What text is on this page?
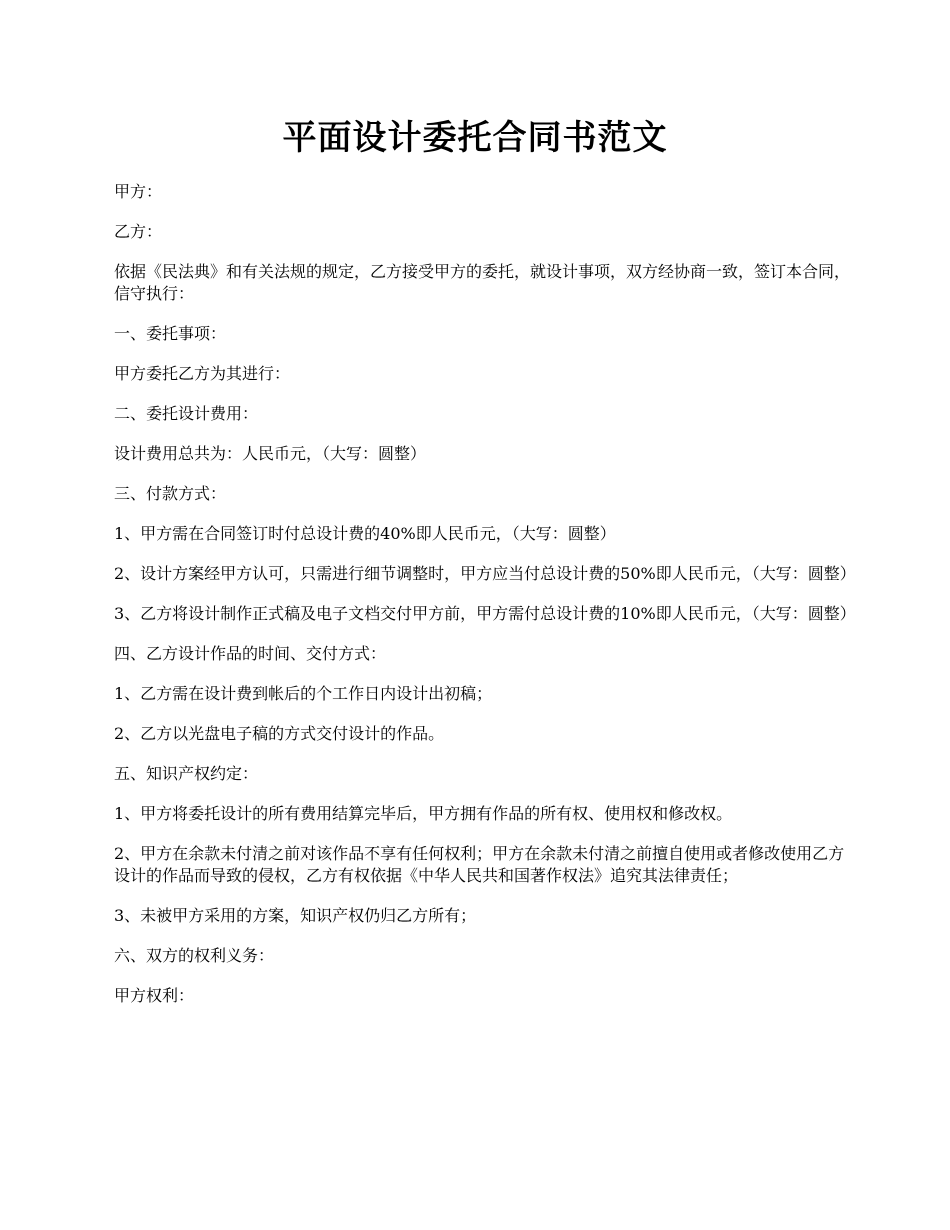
平面设计委托合同书范文

甲方：

乙方：

依据《民法典》和有关法规的规定，乙方接受甲方的委托，就设计事项，双方经协商一致，签订本合同，信守执行：

一、委托事项：

甲方委托乙方为其进行：

二、委托设计费用：

设计费用总共为：人民币元，（大写：圆整）

三、付款方式：

1、甲方需在合同签订时付总设计费的40%即人民币元，（大写：圆整）

2、设计方案经甲方认可，只需进行细节调整时，甲方应当付总设计费的50%即人民币元，（大写：圆整）

3、乙方将设计制作正式稿及电子文档交付甲方前，甲方需付总设计费的10%即人民币元，（大写：圆整）

四、乙方设计作品的时间、交付方式：

1、乙方需在设计费到帐后的个工作日内设计出初稿；

2、乙方以光盘电子稿的方式交付设计的作品。

五、知识产权约定：

1、甲方将委托设计的所有费用结算完毕后，甲方拥有作品的所有权、使用权和修改权。

2、甲方在余款未付清之前对该作品不享有任何权利；甲方在余款未付清之前擅自使用或者修改使用乙方设计的作品而导致的侵权，乙方有权依据《中华人民共和国著作权法》追究其法律责任；

3、未被甲方采用的方案，知识产权仍归乙方所有；

六、双方的权利义务：

甲方权利：
